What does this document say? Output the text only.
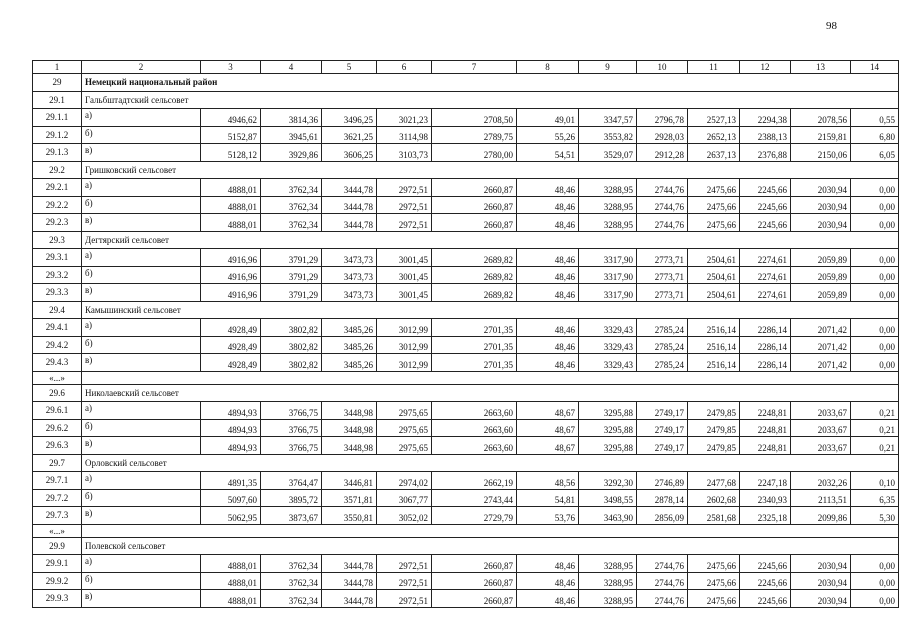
98
1	2	3	4	5	6	7	8	9	10	11	12	13	14
29	Немецкий национальный район												
29.1	Гальбштадтский сельсовет												
29.1.1	а)	4946,62	3814,36	3496,25	3021,23	2708,50	49,01	3347,57	2796,78	2527,13	2294,38	2078,56	0,55
29.1.2	б)	5152,87	3945,61	3621,25	3114,98	2789,75	55,26	3553,82	2928,03	2652,13	2388,13	2159,81	6,80
29.1.3	в)	5128,12	3929,86	3606,25	3103,73	2780,00	54,51	3529,07	2912,28	2637,13	2376,88	2150,06	6,05
29.2	Гришковский сельсовет												
29.2.1	а)	4888,01	3762,34	3444,78	2972,51	2660,87	48,46	3288,95	2744,76	2475,66	2245,66	2030,94	0,00
29.2.2	б)	4888,01	3762,34	3444,78	2972,51	2660,87	48,46	3288,95	2744,76	2475,66	2245,66	2030,94	0,00
29.2.3	в)	4888,01	3762,34	3444,78	2972,51	2660,87	48,46	3288,95	2744,76	2475,66	2245,66	2030,94	0,00
29.3	Дегтярский сельсовет												
29.3.1	а)	4916,96	3791,29	3473,73	3001,45	2689,82	48,46	3317,90	2773,71	2504,61	2274,61	2059,89	0,00
29.3.2	б)	4916,96	3791,29	3473,73	3001,45	2689,82	48,46	3317,90	2773,71	2504,61	2274,61	2059,89	0,00
29.3.3	в)	4916,96	3791,29	3473,73	3001,45	2689,82	48,46	3317,90	2773,71	2504,61	2274,61	2059,89	0,00
29.4	Камышинский сельсовет												
29.4.1	а)	4928,49	3802,82	3485,26	3012,99	2701,35	48,46	3329,43	2785,24	2516,14	2286,14	2071,42	0,00
29.4.2	б)	4928,49	3802,82	3485,26	3012,99	2701,35	48,46	3329,43	2785,24	2516,14	2286,14	2071,42	0,00
29.4.3	в)	4928,49	3802,82	3485,26	3012,99	2701,35	48,46	3329,43	2785,24	2516,14	2286,14	2071,42	0,00
«...»													
29.6	Николаевский сельсовет												
29.6.1	а)	4894,93	3766,75	3448,98	2975,65	2663,60	48,67	3295,88	2749,17	2479,85	2248,81	2033,67	0,21
29.6.2	б)	4894,93	3766,75	3448,98	2975,65	2663,60	48,67	3295,88	2749,17	2479,85	2248,81	2033,67	0,21
29.6.3	в)	4894,93	3766,75	3448,98	2975,65	2663,60	48,67	3295,88	2749,17	2479,85	2248,81	2033,67	0,21
29.7	Орловский сельсовет												
29.7.1	а)	4891,35	3764,47	3446,81	2974,02	2662,19	48,56	3292,30	2746,89	2477,68	2247,18	2032,26	0,10
29.7.2	б)	5097,60	3895,72	3571,81	3067,77	2743,44	54,81	3498,55	2878,14	2602,68	2340,93	2113,51	6,35
29.7.3	в)	5062,95	3873,67	3550,81	3052,02	2729,79	53,76	3463,90	2856,09	2581,68	2325,18	2099,86	5,30
«...»													
29.9	Полевской сельсовет												
29.9.1	а)	4888,01	3762,34	3444,78	2972,51	2660,87	48,46	3288,95	2744,76	2475,66	2245,66	2030,94	0,00
29.9.2	б)	4888,01	3762,34	3444,78	2972,51	2660,87	48,46	3288,95	2744,76	2475,66	2245,66	2030,94	0,00
29.9.3	в)	4888,01	3762,34	3444,78	2972,51	2660,87	48,46	3288,95	2744,76	2475,66	2245,66	2030,94	0,00
